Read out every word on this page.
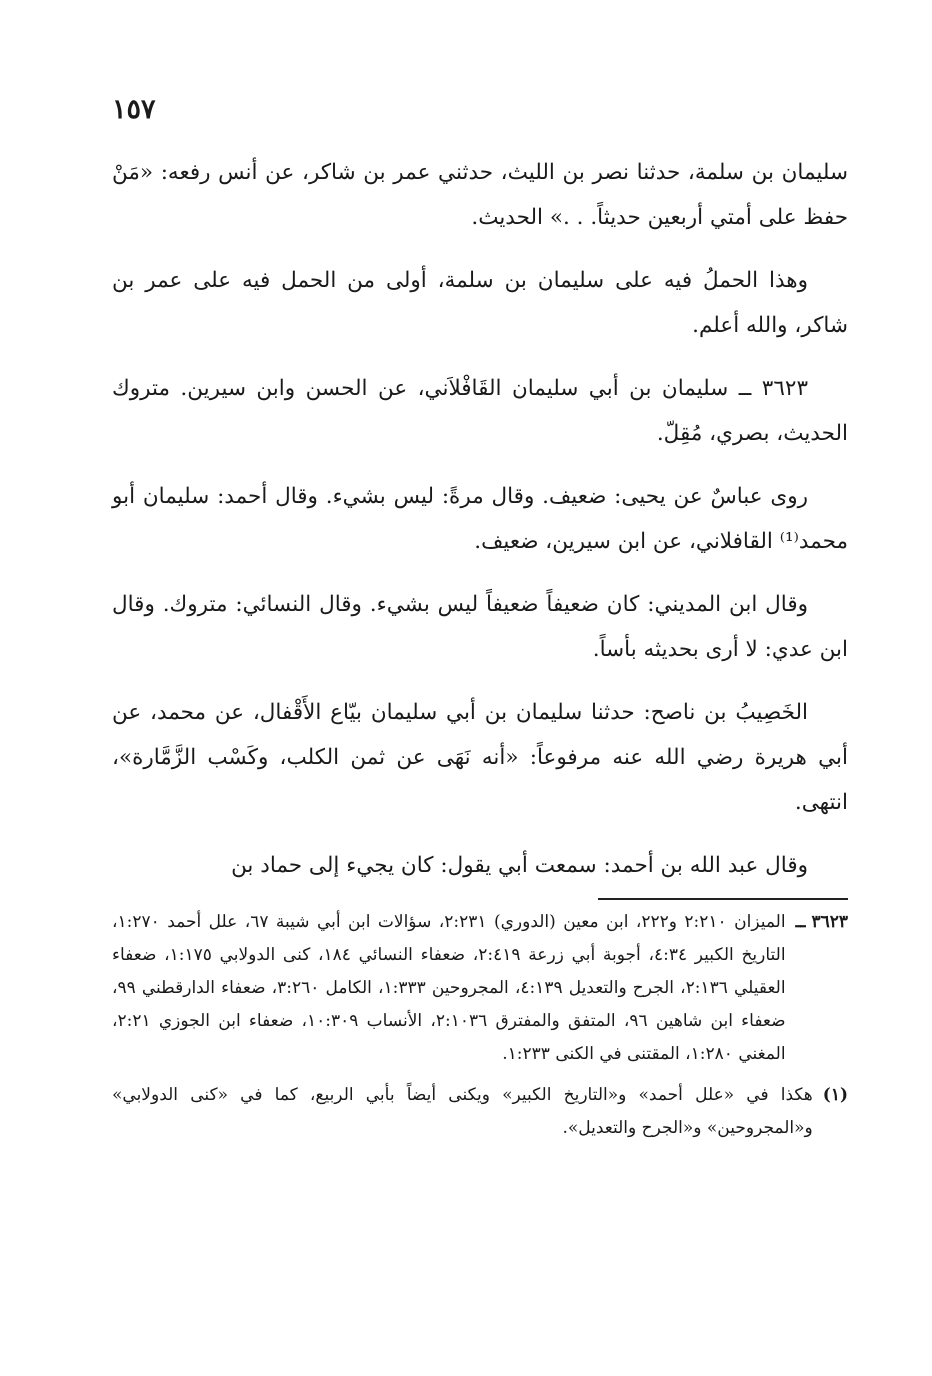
١٥٧

سليمان بن سلمة، حدثنا نصر بن الليث، حدثني عمر بن شاكر، عن أنس رفعه: «مَنْ حفظ على أمتي أربعين حديثاً. . .» الحديث.

وهذا الحملُ فيه على سليمان بن سلمة، أولى من الحمل فيه على عمر بن شاكر، والله أعلم.

٣٦٢٣ ــ سليمان بن أبي سليمان القَافْلاَني، عن الحسن وابن سيرين. متروك الحديث، بصري، مُقِلّ.

روى عباسٌ عن يحيى: ضعيف. وقال مرةً: ليس بشيء. وقال أحمد: سليمان أبو محمد⁽¹⁾ القافلاني، عن ابن سيرين، ضعيف.

وقال ابن المديني: كان ضعيفاً ضعيفاً ليس بشيء. وقال النسائي: متروك. وقال ابن عدي: لا أرى بحديثه بأساً.

الخَصِيبُ بن ناصح: حدثنا سليمان بن أبي سليمان بيّاع الأَقْفال، عن محمد، عن أبي هريرة رضي الله عنه مرفوعاً: «أنه نَهَى عن ثمن الكلب، وكَسْب الزَّمَّارة»، انتهى.

وقال عبد الله بن أحمد: سمعت أبي يقول: كان يجيء إلى حماد بن

٣٦٢٣ ــ
الميزان ٢:٢١٠ و٢٢٢، ابن معين (الدوري) ٢:٢٣١، سؤالات ابن أبي شيبة ٦٧، علل أحمد ١:٢٧٠، التاريخ الكبير ٤:٣٤، أجوبة أبي زرعة ٢:٤١٩، ضعفاء النسائي ١٨٤، كنى الدولابي ١:١٧٥، ضعفاء العقيلي ٢:١٣٦، الجرح والتعديل ٤:١٣٩، المجروحين ١:٣٣٣، الكامل ٣:٢٦٠، ضعفاء الدارقطني ٩٩، ضعفاء ابن شاهين ٩٦، المتفق والمفترق ٢:١٠٣٦، الأنساب ١٠:٣٠٩، ضعفاء ابن الجوزي ٢:٢١، المغني ١:٢٨٠، المقتنى في الكنى ١:٢٣٣.
(١)
هكذا في «علل أحمد» و«التاريخ الكبير» ويكنى أيضاً بأبي الربيع، كما في «كنى الدولابي» و«المجروحين» و«الجرح والتعديل».
